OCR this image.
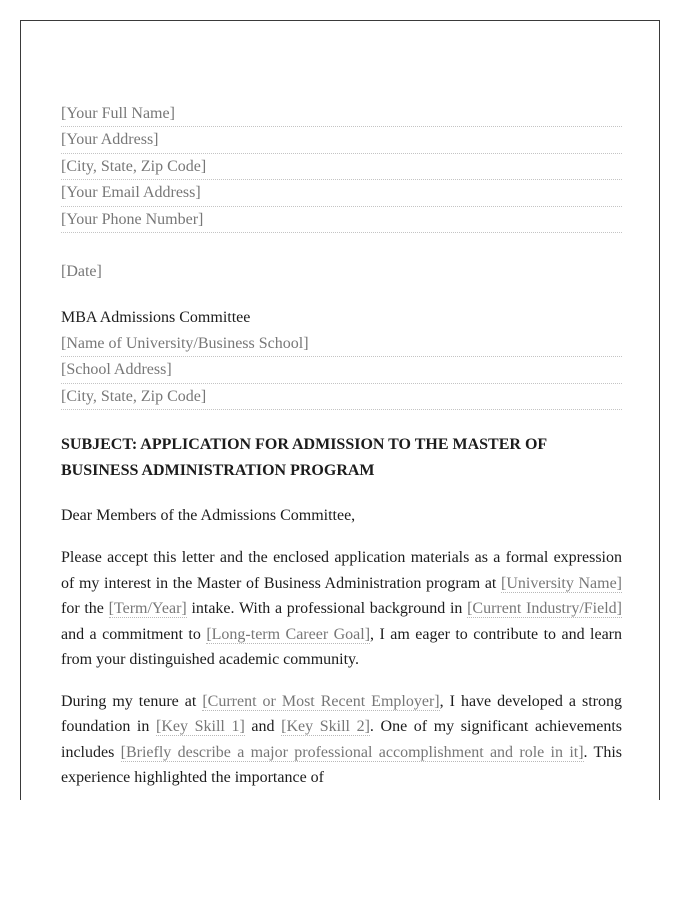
[Your Full Name]
[Your Address]
[City, State, Zip Code]
[Your Email Address]
[Your Phone Number]
[Date]
MBA Admissions Committee
[Name of University/Business School]
[School Address]
[City, State, Zip Code]
SUBJECT: APPLICATION FOR ADMISSION TO THE MASTER OF BUSINESS ADMINISTRATION PROGRAM
Dear Members of the Admissions Committee,
Please accept this letter and the enclosed application materials as a formal expression of my interest in the Master of Business Administration program at [University Name] for the [Term/Year] intake. With a professional background in [Current Industry/Field] and a commitment to [Long-term Career Goal], I am eager to contribute to and learn from your distinguished academic community.
During my tenure at [Current or Most Recent Employer], I have developed a strong foundation in [Key Skill 1] and [Key Skill 2]. One of my significant achievements includes [Briefly describe a major professional accomplishment and role in it]. This experience highlighted the importance of
